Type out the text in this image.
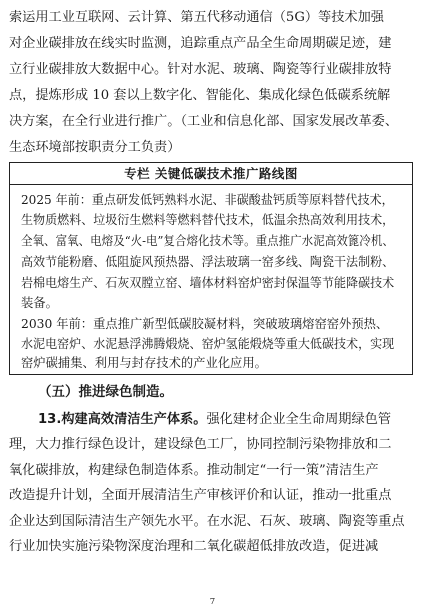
索运用工业互联网、云计算、第五代移动通信（5G）等技术加强
对企业碳排放在线实时监测，追踪重点产品全生命周期碳足迹，建
立行业碳排放大数据中心。针对水泥、玻璃、陶瓷等行业碳排放特
点，提炼形成 10 套以上数字化、智能化、集成化绿色低碳系统解
决方案，在全行业进行推广。（工业和信息化部、国家发展改革委、
生态环境部按职责分工负责）
专栏 关键低碳技术推广路线图
2025 年前：重点研发低钙熟料水泥、非碳酸盐钙质等原料替代技术，
生物质燃料、垃圾衍生燃料等燃料替代技术，低温余热高效利用技术，
全氧、富氧、电熔及“火-电”复合熔化技术等。重点推广水泥高效篦冷机、
高效节能粉磨、低阻旋风预热器、浮法玻璃一窑多线、陶瓷干法制粉、
岩棉电熔生产、石灰双膛立窑、墙体材料窑炉密封保温等节能降碳技术
装备。
2030 年前：重点推广新型低碳胶凝材料，突破玻璃熔窑窑外预热、
水泥电窑炉、水泥悬浮沸腾煅烧、窑炉氢能煅烧等重大低碳技术，实现
窑炉碳捕集、利用与封存技术的产业化应用。
（五）推进绿色制造。
13.构建高效清洁生产体系。强化建材企业全生命周期绿色管
理，大力推行绿色设计，建设绿色工厂，协同控制污染物排放和二
氧化碳排放，构建绿色制造体系。推动制定“一行一策”清洁生产
改造提升计划，全面开展清洁生产审核评价和认证，推动一批重点
企业达到国际清洁生产领先水平。在水泥、石灰、玻璃、陶瓷等重点
行业加快实施污染物深度治理和二氧化碳超低排放改造，促进减
7
